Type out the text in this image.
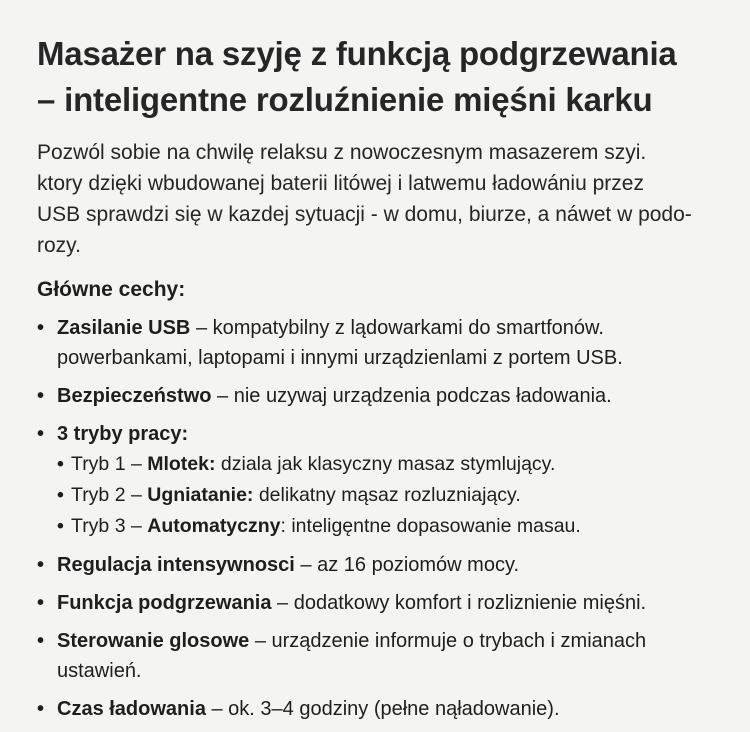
Masażer na szyję z funkcją podgrzewania
– inteligentne rozluźnienie mięśni karku

Pozwól sobie na chwilę relaksu z nowoczesnym masazerem szyi.
ktory dzięki wbudowanej baterii litówej i latwemu ładowániu przez
USB sprawdzi się w kazdej sytuacji - w domu, biurze, a náwet w podo-
rozy.

Główne cechy:
• Zasilanie USB – kompatybilny z lądowarkami do smartfonów.
powerbankami, laptopami i innymi urządzienlami z portem USB.
• Bezpieczeństwo – nie uzywaj urządzenia podczas ładowania.
• 3 tryby pracy:
• Tryb 1 – Mlotek: dziala jak klasyczny masaz stymlujący.
• Tryb 2 – Ugniatanie: delikatny mąsaz rozluzniający.
• Tryb 3 – Automatyczny: inteligęntne dopasowanie masau.
• Regulacja intensywnosci – az 16 poziomów mocy.
• Funkcja podgrzewania – dodatkowy komfort i rozliznienie mięśni.
• Sterowanie glosowe – urządzenie informuje o trybach i zmianach
ustawień.
• Czas ładowania – ok. 3–4 godziny (pełne nąładowanie).
